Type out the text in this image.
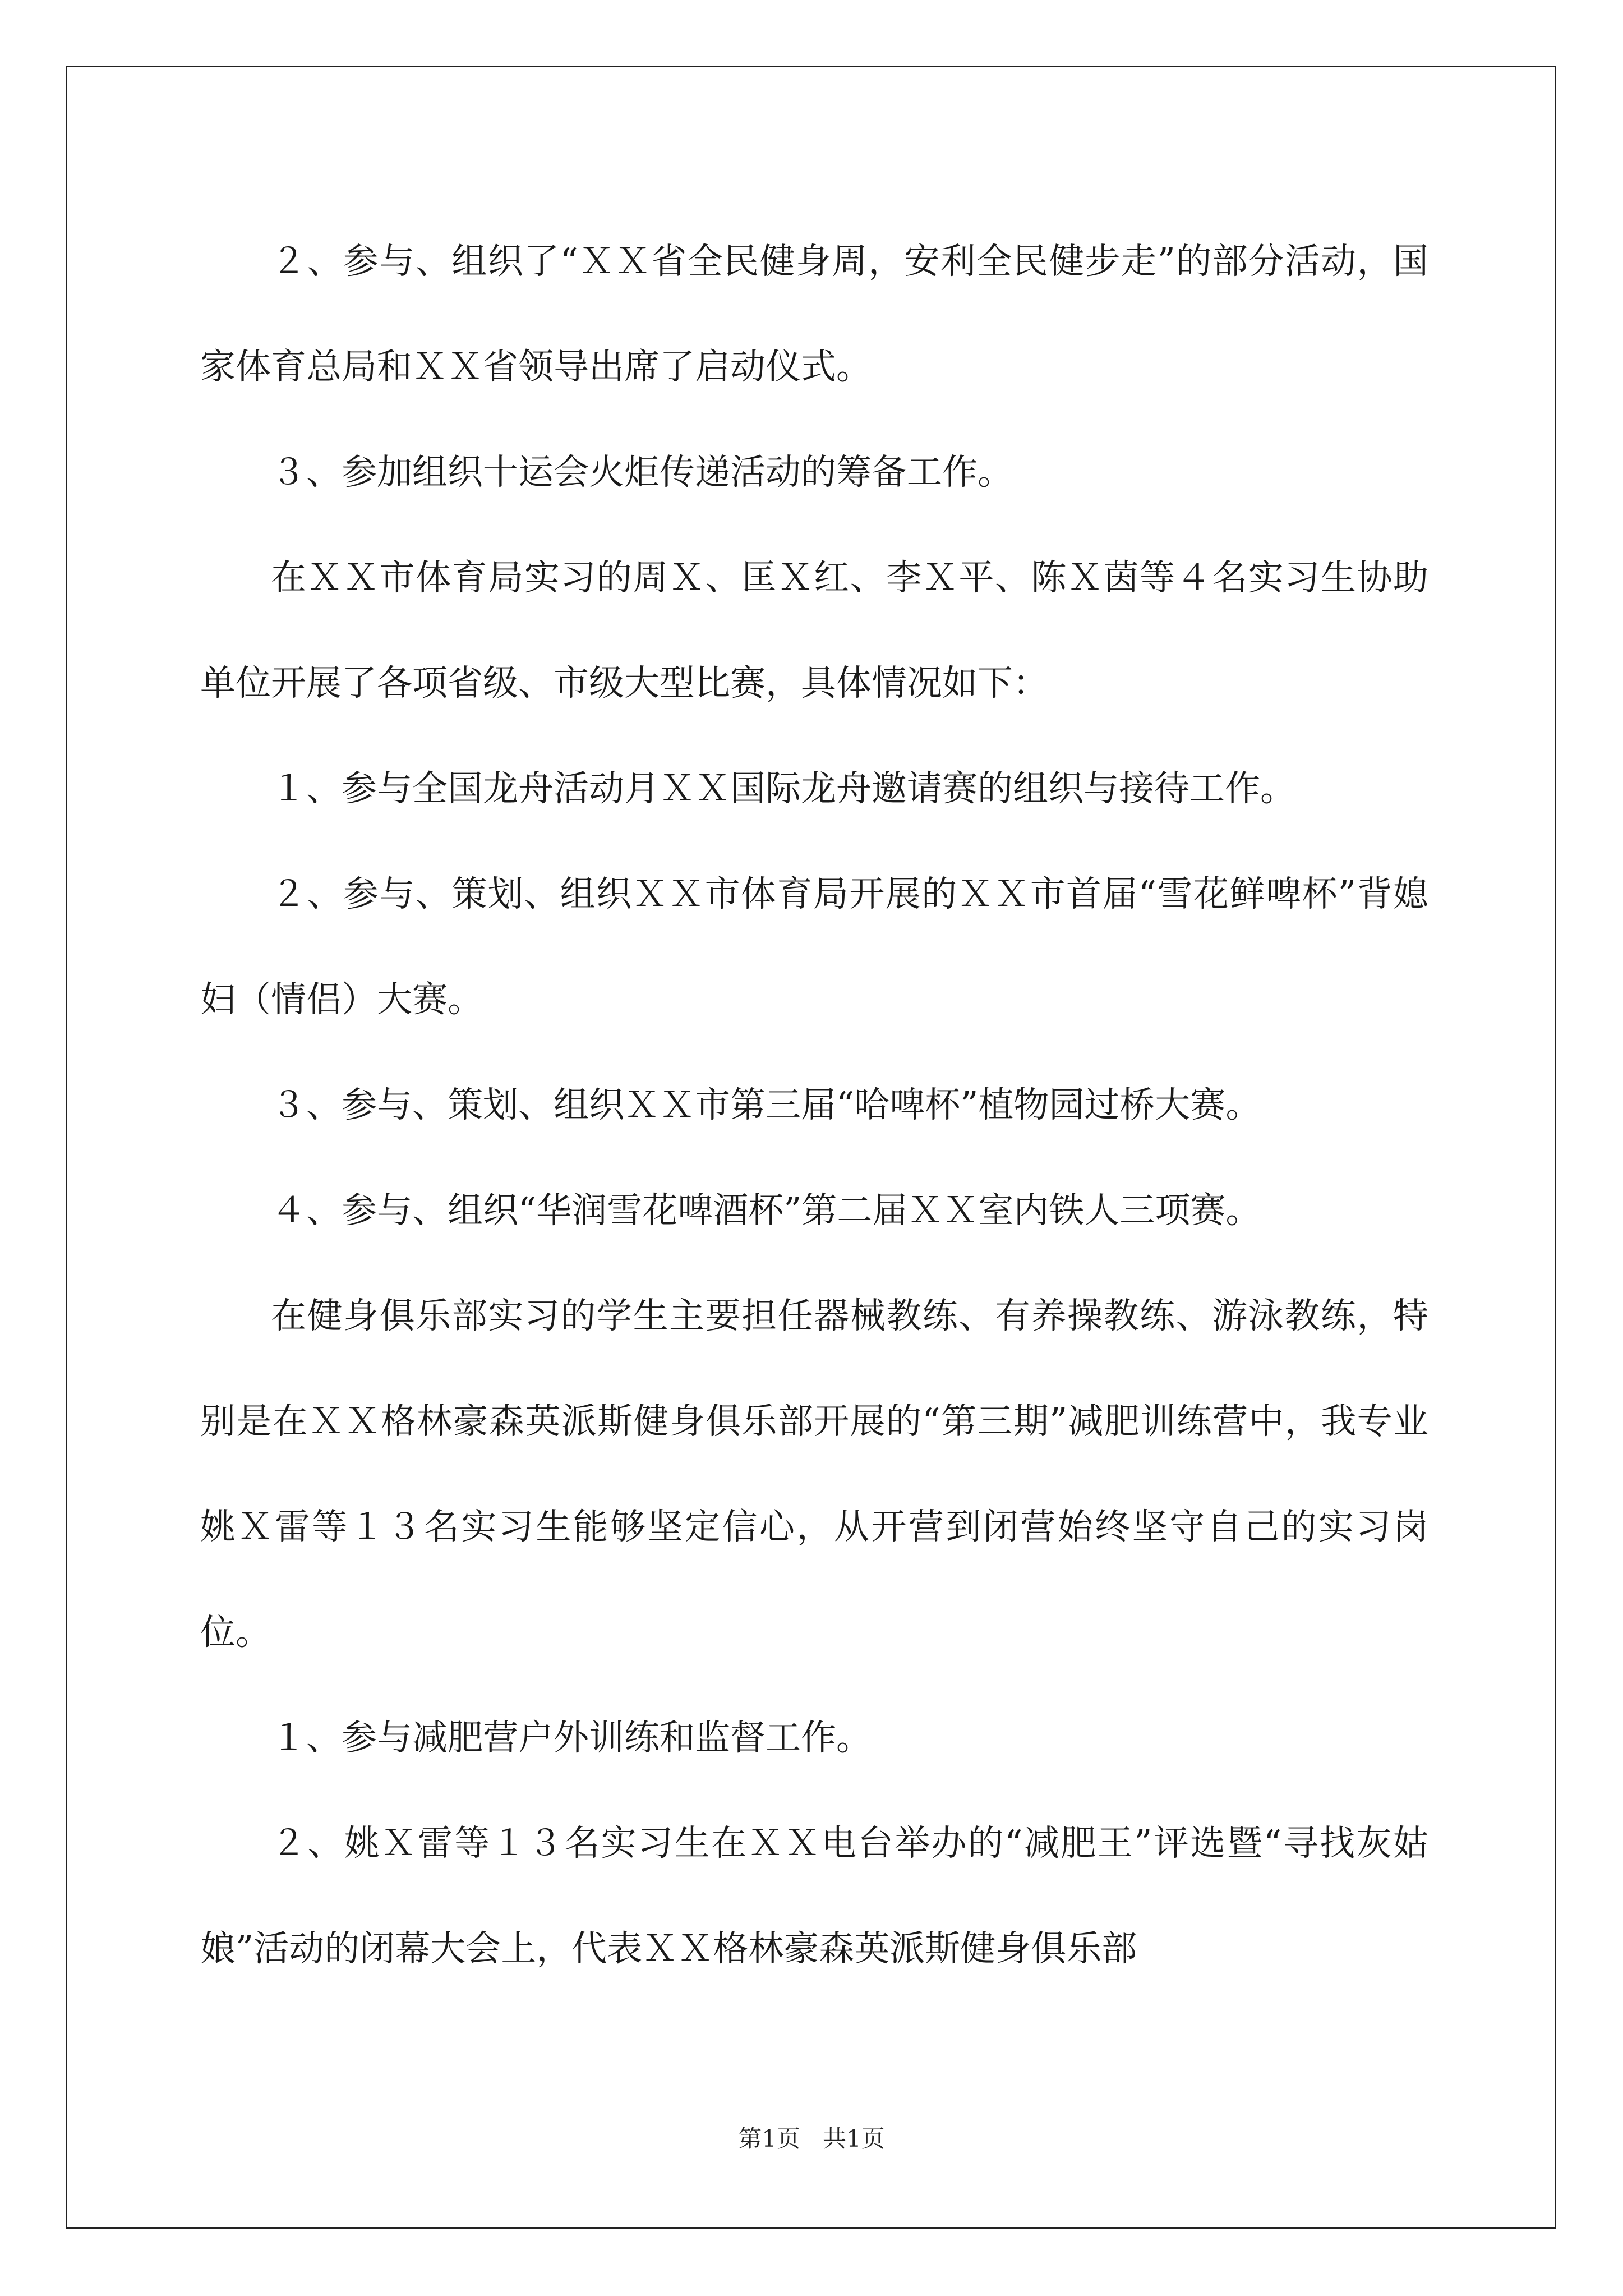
２、参与、组织了“ＸＸ省全民健身周，安利全民健步走”的部分活动，国家体育总局和ＸＸ省领导出席了启动仪式。

３、参加组织十运会火炬传递活动的筹备工作。

在ＸＸ市体育局实习的周Ｘ、匡Ｘ红、李Ｘ平、陈Ｘ茵等４名实习生协助单位开展了各项省级、市级大型比赛，具体情况如下：

１、参与全国龙舟活动月ＸＸ国际龙舟邀请赛的组织与接待工作。

２、参与、策划、组织ＸＸ市体育局开展的ＸＸ市首届“雪花鲜啤杯”背媳妇（情侣）大赛。

３、参与、策划、组织ＸＸ市第三届“哈啤杯”植物园过桥大赛。

４、参与、组织“华润雪花啤酒杯”第二届ＸＸ室内铁人三项赛。

在健身俱乐部实习的学生主要担任器械教练、有养操教练、游泳教练，特别是在ＸＸ格林豪森英派斯健身俱乐部开展的“第三期”减肥训练营中，我专业姚Ｘ雷等１３名实习生能够坚定信心，从开营到闭营始终坚守自己的实习岗位。

１、参与减肥营户外训练和监督工作。

２、姚Ｘ雷等１３名实习生在ＸＸ电台举办的“减肥王”评选暨“寻找灰姑娘”活动的闭幕大会上，代表ＸＸ格林豪森英派斯健身俱乐部

第1页 共1页
